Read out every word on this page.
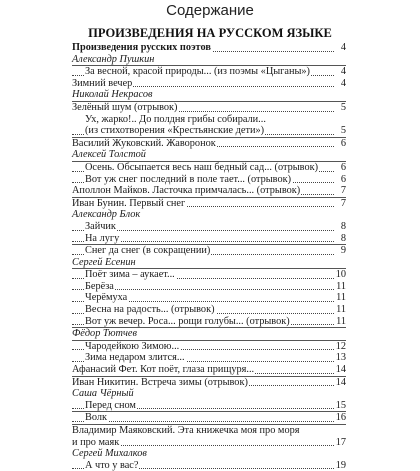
Содержание
ПРОИЗВЕДЕНИЯ НА РУССКОМ ЯЗЫКЕ
Произведения русских поэтов	4
Александр Пушкин
За весной, красой природы... (из поэмы «Цыганы»)	4
Зимний вечер	4
Николай Некрасов
Зелёный шум (отрывок)	5
Ух, жарко!.. До полдня грибы собирали...
(из стихотворения «Крестьянские дети»)	5
Василий Жуковский. Жаворонок	6
Алексей Толстой
Осень. Обсыпается весь наш бедный сад... (отрывок) 6
Вот уж снег последний в поле тает... (отрывок)	6
Аполлон Майков. Ласточка примчалась... (отрывок)	7
Иван Бунин. Первый снег	7
Александр Блок
Зайчик	8
На лугу	8
Снег да снег (в сокращении)	9
Сергей Есенин
Поёт зима – аукает...	10
Берёза	11
Черёмуха	11
Весна на радость... (отрывок)	11
Вот уж вечер. Роса... рощи голубы... (отрывок)	11
Фёдор Тютчев
Чародейкою Зимою...	12
Зима недаром злится...	13
Афанасий Фет. Кот поёт, глаза прищуря...	14
Иван Никитин. Встреча зимы (отрывок)	14
Саша Чёрный
Перед сном	15
Волк	16
Владимир Маяковский. Эта книжечка моя про моря
и про маяк	17
Сергей Михалков
А что у вас?	19
